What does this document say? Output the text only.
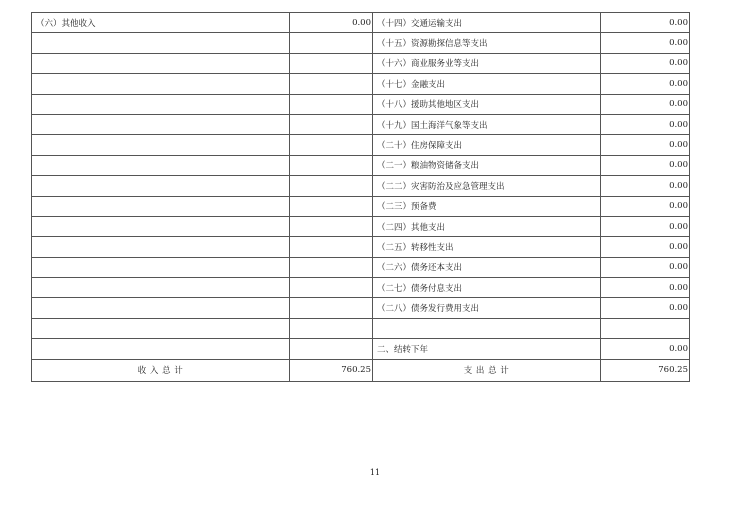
（六）其他收入	0.00	（十四）交通运输支出	0.00
		（十五）资源勘探信息等支出	0.00
		（十六）商业服务业等支出	0.00
		（十七）金融支出	0.00
		（十八）援助其他地区支出	0.00
		（十九）国土海洋气象等支出	0.00
		（二十）住房保障支出	0.00
		（二一）粮油物资储备支出	0.00
		（二二）灾害防治及应急管理支出	0.00
		（二三）预备费	0.00
		（二四）其他支出	0.00
		（二五）转移性支出	0.00
		（二六）债务还本支出	0.00
		（二七）债务付息支出	0.00
		（二八）债务发行费用支出	0.00

		二、结转下年	0.00
收 入 总 计	760.25	支 出 总 计	760.25
11
